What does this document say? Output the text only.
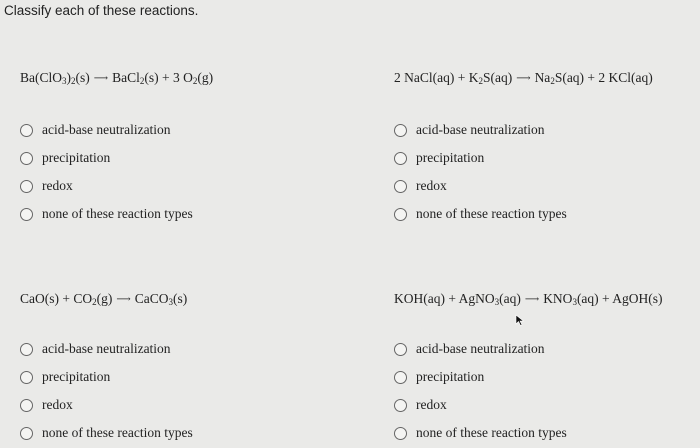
Classify each of these reactions.
$Ba(ClO_3)_2(s)$ ⟶ BaCl$_2$(s) + 3 $O_2(g)$
acid-base neutralization
precipitation
redox
none of these reaction types
2 NaCl(aq) + $K_2S(aq)$ ⟶ $Na_2S(aq) + 2$ KCl(aq)
acid-base neutralization
precipitation
redox
none of these reaction types
$CaO(s) + CO_2(g)$ ⟶ CaCO$_3$(s)
acid-base neutralization
precipitation
redox
none of these reaction types
KOH(aq) + AgNO$_3$(aq) ⟶ $KNO_3(aq)$ + AgOH(s)
acid-base neutralization
precipitation
redox
none of these reaction types
